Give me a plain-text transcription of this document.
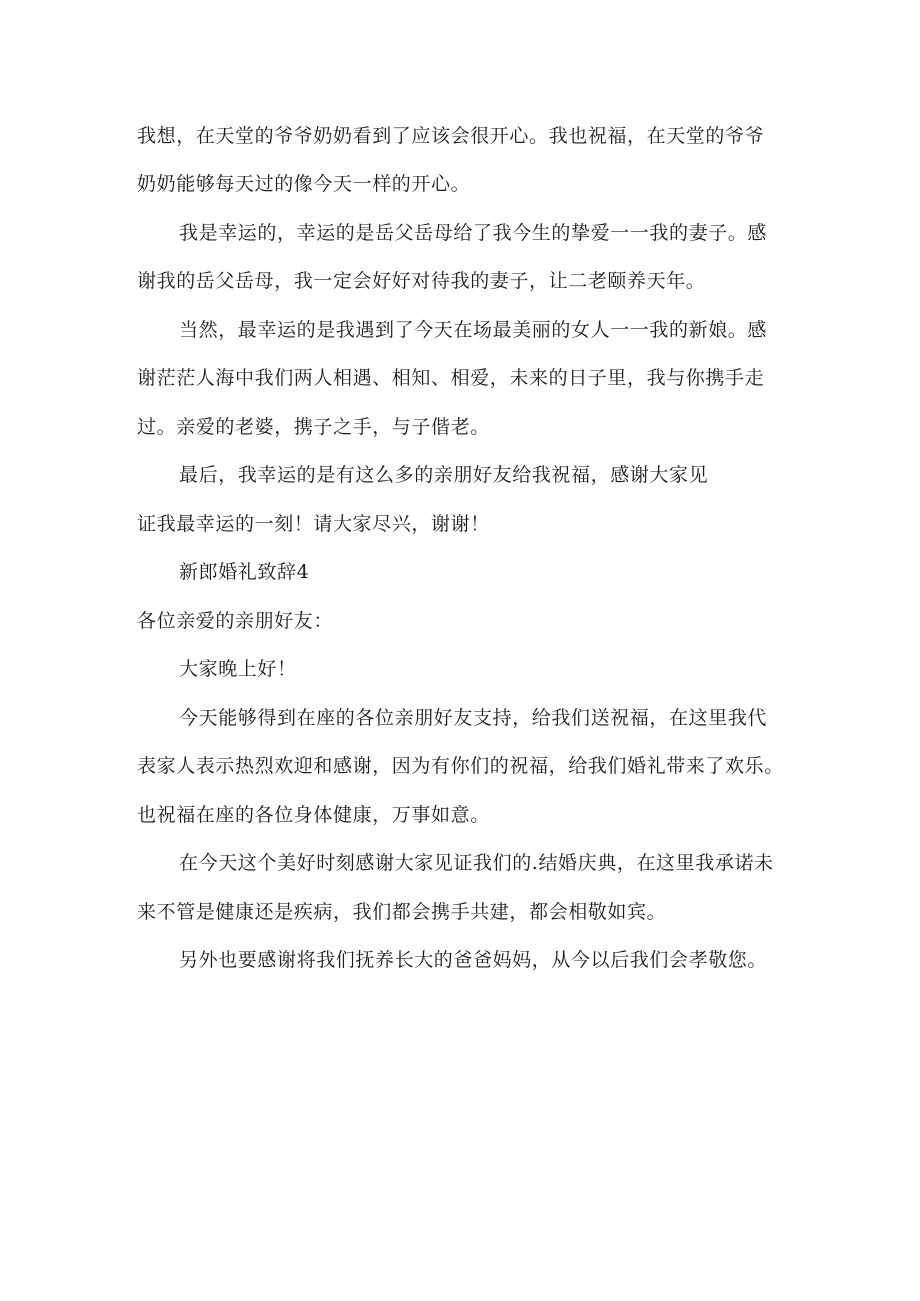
我想，在天堂的爷爷奶奶看到了应该会很开心。我也祝福，在天堂的爷爷

奶奶能够每天过的像今天一样的开心。

我是幸运的，幸运的是岳父岳母给了我今生的挚爱一一我的妻子。感

谢我的岳父岳母，我一定会好好对待我的妻子，让二老颐养天年。

当然，最幸运的是我遇到了今天在场最美丽的女人一一我的新娘。感

谢茫茫人海中我们两人相遇、相知、相爱，未来的日子里，我与你携手走

过。亲爱的老婆，携子之手，与子偕老。

最后，我幸运的是有这么多的亲朋好友给我祝福，感谢大家见

证我最幸运的一刻！请大家尽兴，谢谢！

新郎婚礼致辞4

各位亲爱的亲朋好友：

大家晚上好！

今天能够得到在座的各位亲朋好友支持，给我们送祝福，在这里我代

表家人表示热烈欢迎和感谢，因为有你们的祝福，给我们婚礼带来了欢乐。

也祝福在座的各位身体健康，万事如意。

在今天这个美好时刻感谢大家见证我们的.结婚庆典，在这里我承诺未

来不管是健康还是疾病，我们都会携手共建，都会相敬如宾。

另外也要感谢将我们抚养长大的爸爸妈妈，从今以后我们会孝敬您。
